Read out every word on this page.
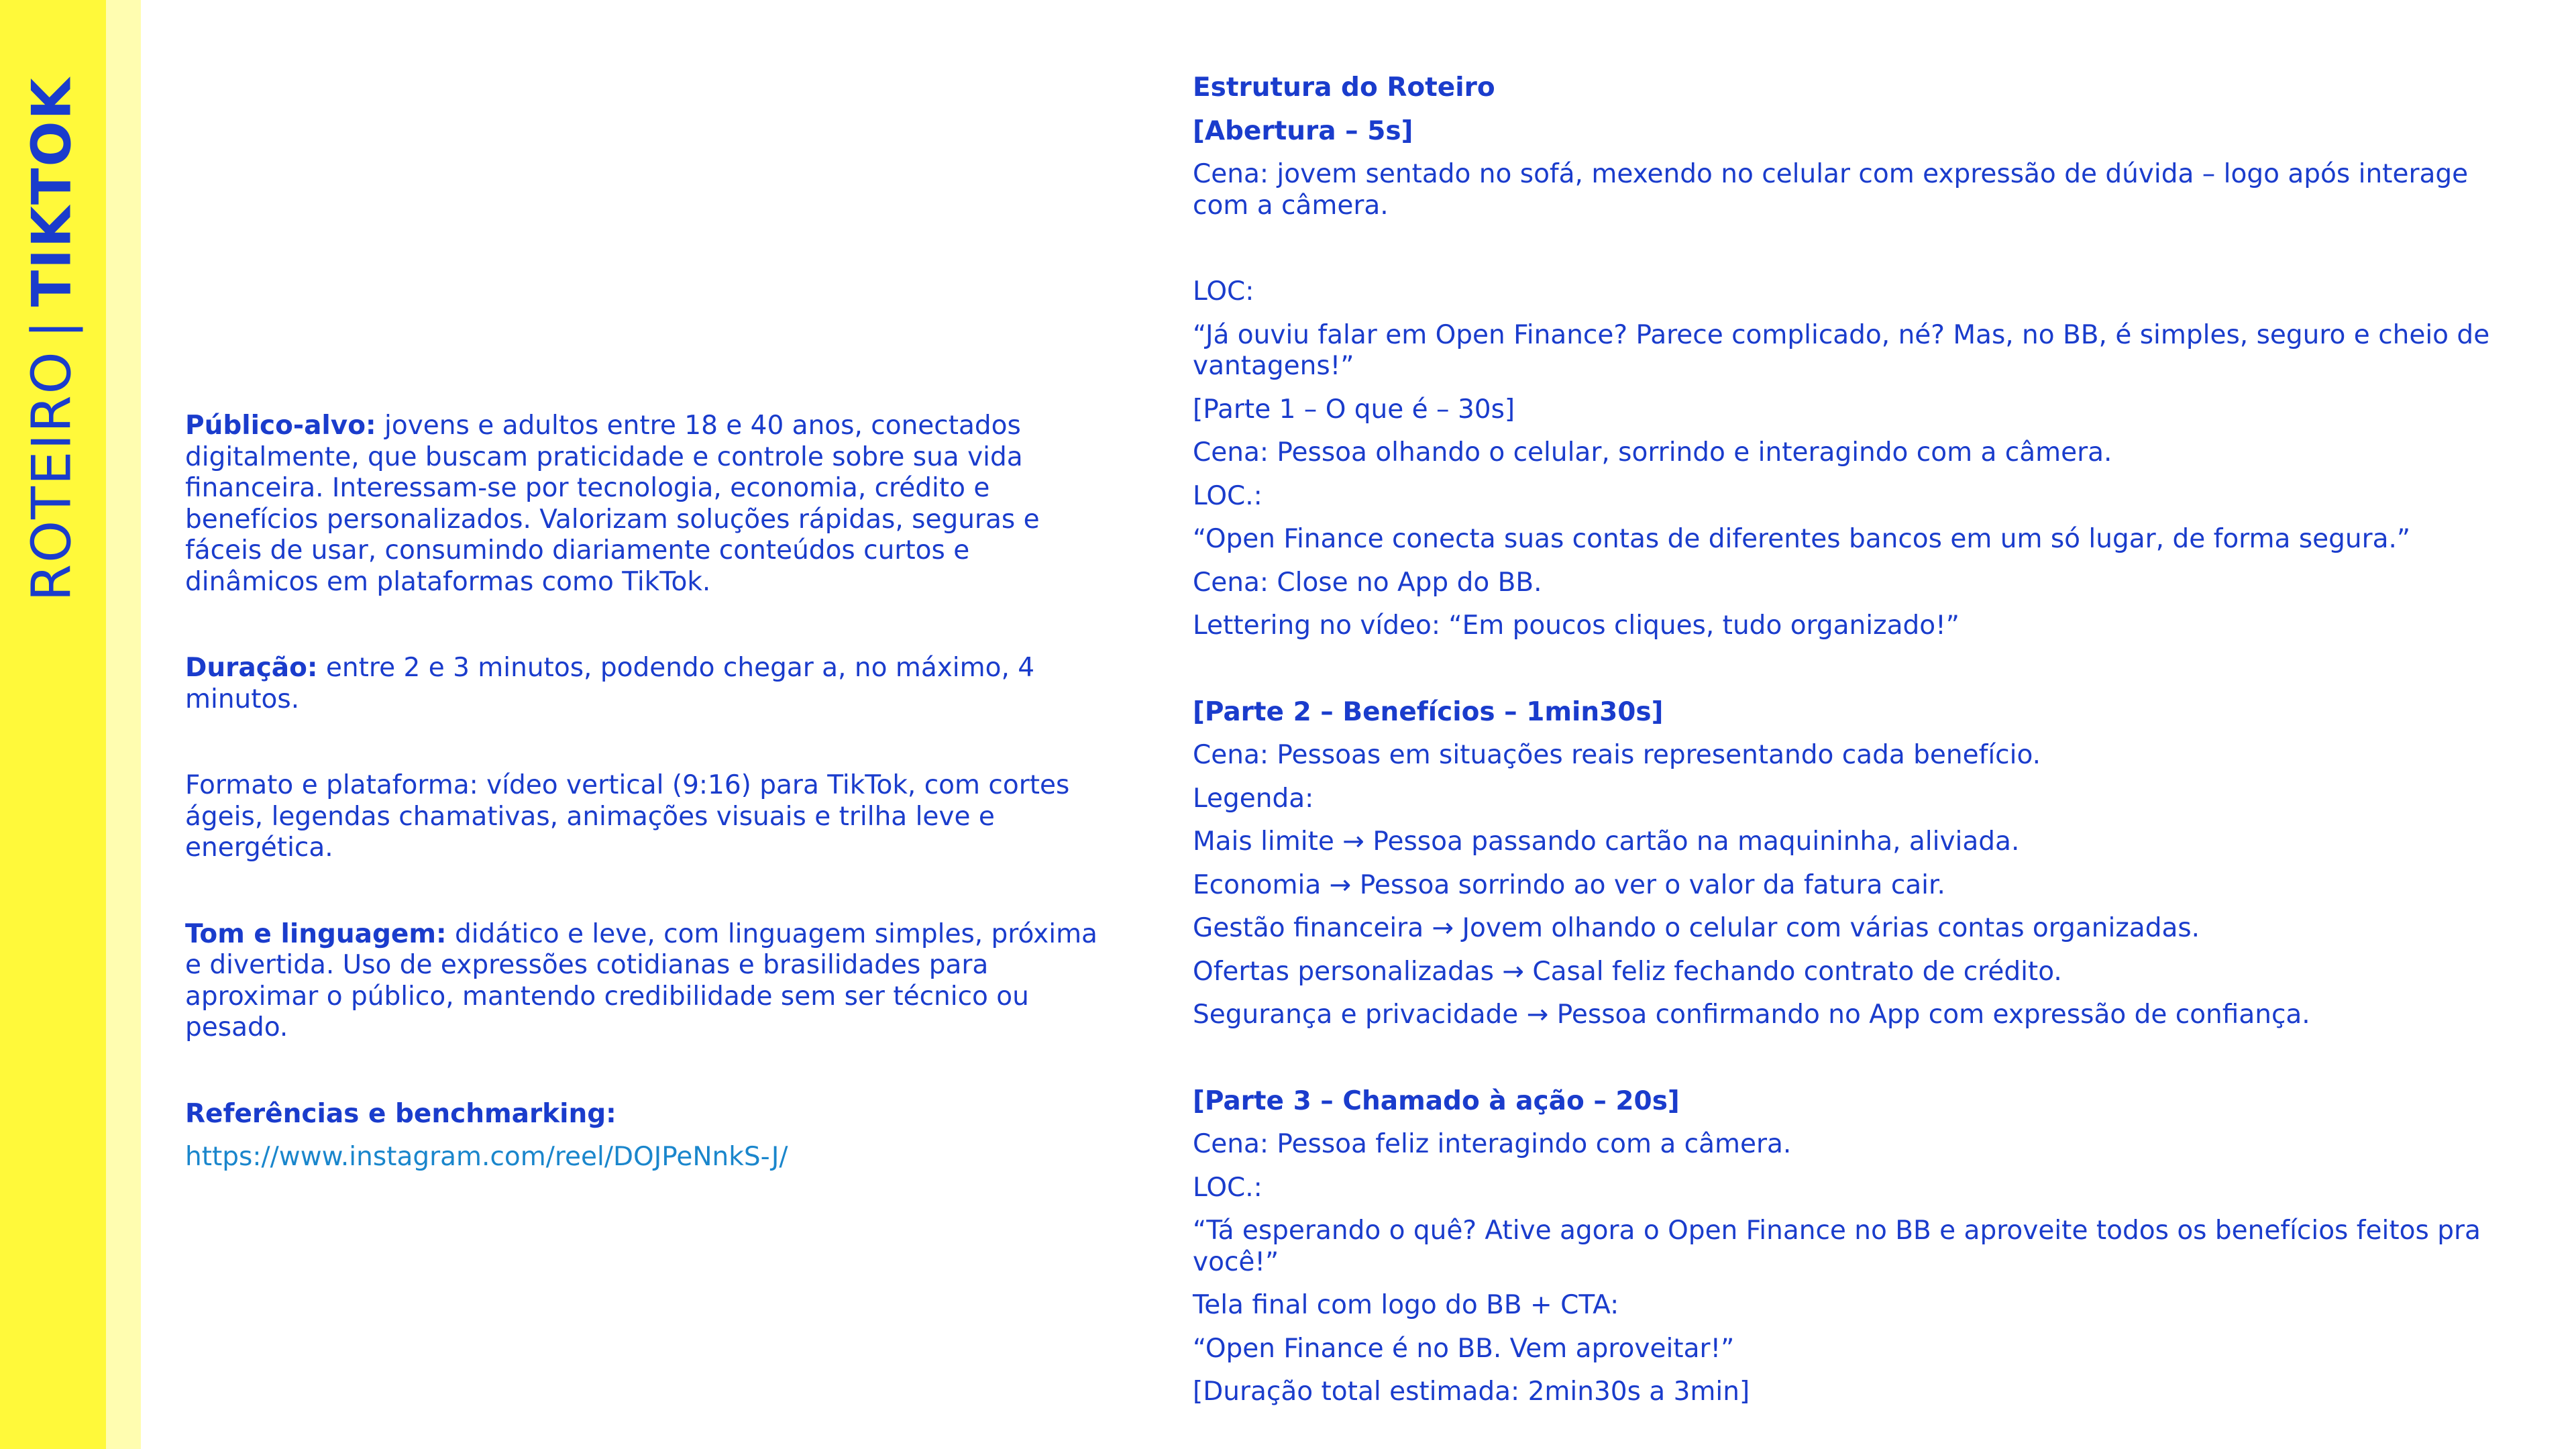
ROTEIRO|TIKTOK

Público-alvo: jovens e adultos entre 18 e 40 anos, conectados digitalmente, que buscam praticidade e controle sobre sua vida financeira. Interessam-se por tecnologia, economia, crédito e benefícios personalizados. Valorizam soluções rápidas, seguras e fáceis de usar, consumindo diariamente conteúdos curtos e dinâmicos em plataformas como TikTok.

Duração: entre 2 e 3 minutos, podendo chegar a, no máximo, 4 minutos.

Formato e plataforma: vídeo vertical (9:16) para TikTok, com cortes ágeis, legendas chamativas, animações visuais e trilha leve e energética.

Tom e linguagem: didático e leve, com linguagem simples, próxima e divertida. Uso de expressões cotidianas e brasilidades para aproximar o público, mantendo credibilidade sem ser técnico ou pesado.

Referências e benchmarking:

https://www.instagram.com/reel/DOJPeNnkS-J/
Estrutura do Roteiro
[Abertura – 5s]
Cena: jovem sentado no sofá, mexendo no celular com expressão de dúvida – logo após interage com a câmera.
LOC:
“Já ouviu falar em Open Finance? Parece complicado, né? Mas, no BB, é simples, seguro e cheio de vantagens!”
[Parte 1 – O que é – 30s]
Cena: Pessoa olhando o celular, sorrindo e interagindo com a câmera.
LOC.:
“Open Finance conecta suas contas de diferentes bancos em um só lugar, de forma segura.”
Cena: Close no App do BB.
Lettering no vídeo: “Em poucos cliques, tudo organizado!”
[Parte 2 – Benefícios – 1min30s]
Cena: Pessoas em situações reais representando cada benefício.
Legenda:
Mais limite → Pessoa passando cartão na maquininha, aliviada.
Economia → Pessoa sorrindo ao ver o valor da fatura cair.
Gestão financeira → Jovem olhando o celular com várias contas organizadas.
Ofertas personalizadas → Casal feliz fechando contrato de crédito.
Segurança e privacidade → Pessoa confirmando no App com expressão de confiança.
[Parte 3 – Chamado à ação – 20s]
Cena: Pessoa feliz interagindo com a câmera.
LOC.:
“Tá esperando o quê? Ative agora o Open Finance no BB e aproveite todos os benefícios feitos pra você!”
Tela final com logo do BB + CTA:
“Open Finance é no BB. Vem aproveitar!”
[Duração total estimada: 2min30s a 3min]
